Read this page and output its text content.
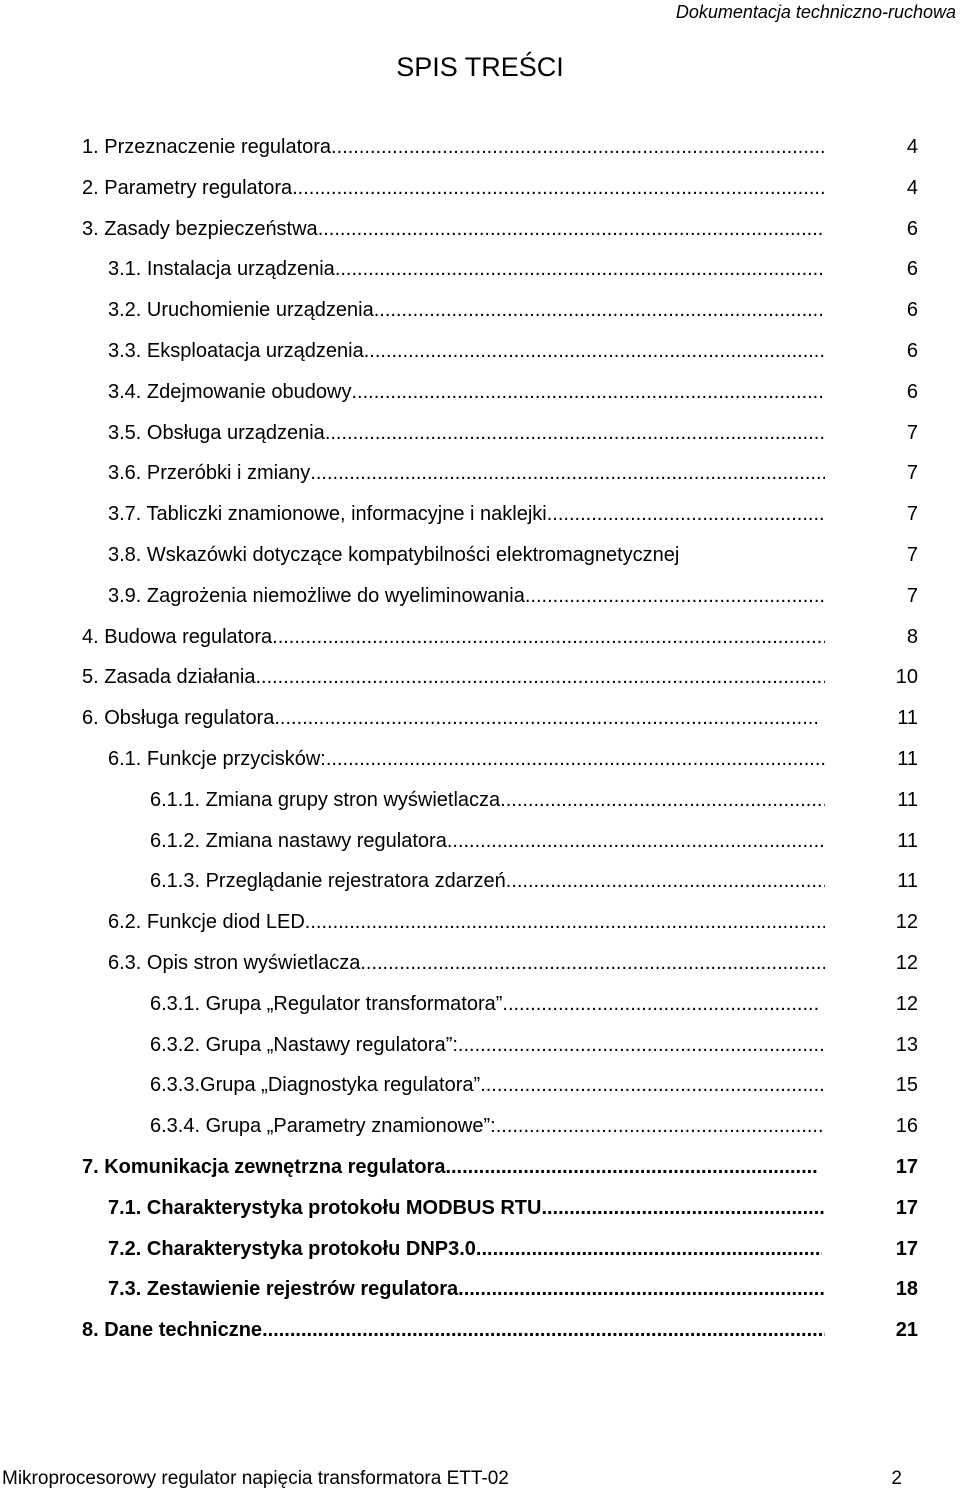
Dokumentacja techniczno-ruchowa
SPIS TREŚCI
1. Przeznaczenie regulatora .....	4
2. Parametry regulatora .....	4
3. Zasady bezpieczeństwa .....	6
3.1. Instalacja urządzenia .....	6
3.2. Uruchomienie urządzenia .....	6
3.3. Eksploatacja urządzenia .....	6
3.4. Zdejmowanie obudowy .....	6
3.5. Obsługa urządzenia .....	7
3.6. Przeróbki i zmiany .....	7
3.7. Tabliczki znamionowe, informacyjne i naklejki .....	7
3.8. Wskazówki dotyczące kompatybilności elektromagnetycznej	7
3.9. Zagrożenia niemożliwe do wyeliminowania .....	7
4. Budowa regulatora .....	8
5. Zasada działania .....	10
6. Obsługa regulatora .....	11
6.1. Funkcje przycisków: .....	11
6.1.1. Zmiana grupy stron wyświetlacza .....	11
6.1.2. Zmiana nastawy regulatora .....	11
6.1.3. Przeglądanie rejestratora zdarzeń .....	11
6.2. Funkcje diod LED .....	12
6.3. Opis stron wyświetlacza .....	12
6.3.1. Grupa „Regulator transformatora” .....	12
6.3.2. Grupa „Nastawy regulatora”: .....	13
6.3.3.Grupa „Diagnostyka regulatora” .....	15
6.3.4. Grupa „Parametry znamionowe”: .....	16
7. Komunikacja zewnętrzna regulatora .....	17
7.1. Charakterystyka protokołu MODBUS RTU .....	17
7.2. Charakterystyka protokołu DNP3.0 .....	17
7.3. Zestawienie rejestrów regulatora .....	18
8. Dane techniczne .....	21
Mikroprocesorowy regulator napięcia transformatora ETT-02	2
